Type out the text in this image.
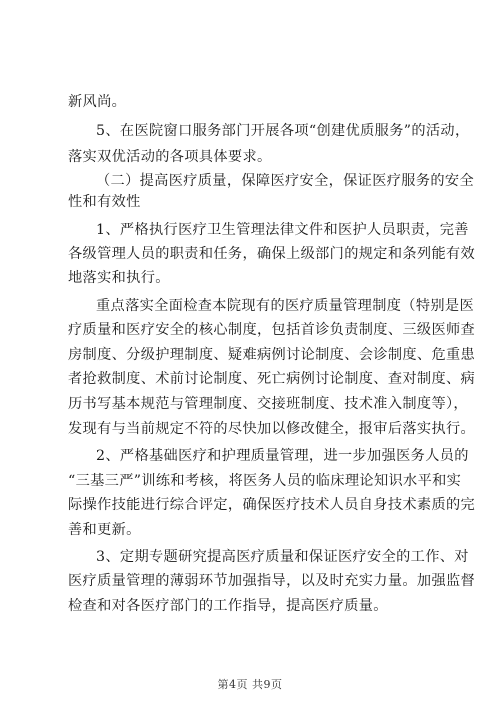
新风尚。
5、在医院窗口服务部门开展各项“创建优质服务”的活动，
落实双优活动的各项具体要求。
（二）提高医疗质量，保障医疗安全，保证医疗服务的安全
性和有效性
1、严格执行医疗卫生管理法律文件和医护人员职责，完善
各级管理人员的职责和任务，确保上级部门的规定和条列能有效
地落实和执行。
重点落实全面检查本院现有的医疗质量管理制度（特别是医
疗质量和医疗安全的核心制度，包括首诊负责制度、三级医师查
房制度、分级护理制度、疑难病例讨论制度、会诊制度、危重患
者抢救制度、术前讨论制度、死亡病例讨论制度、查对制度、病
历书写基本规范与管理制度、交接班制度、技术准入制度等），
发现有与当前规定不符的尽快加以修改健全，报审后落实执行。
2、严格基础医疗和护理质量管理，进一步加强医务人员的
“三基三严”训练和考核，将医务人员的临床理论知识水平和实
际操作技能进行综合评定，确保医疗技术人员自身技术素质的完
善和更新。
3、定期专题研究提高医疗质量和保证医疗安全的工作、对
医疗质量管理的薄弱环节加强指导，以及时充实力量。加强监督
检查和对各医疗部门的工作指导，提高医疗质量。
第4页 共9页
